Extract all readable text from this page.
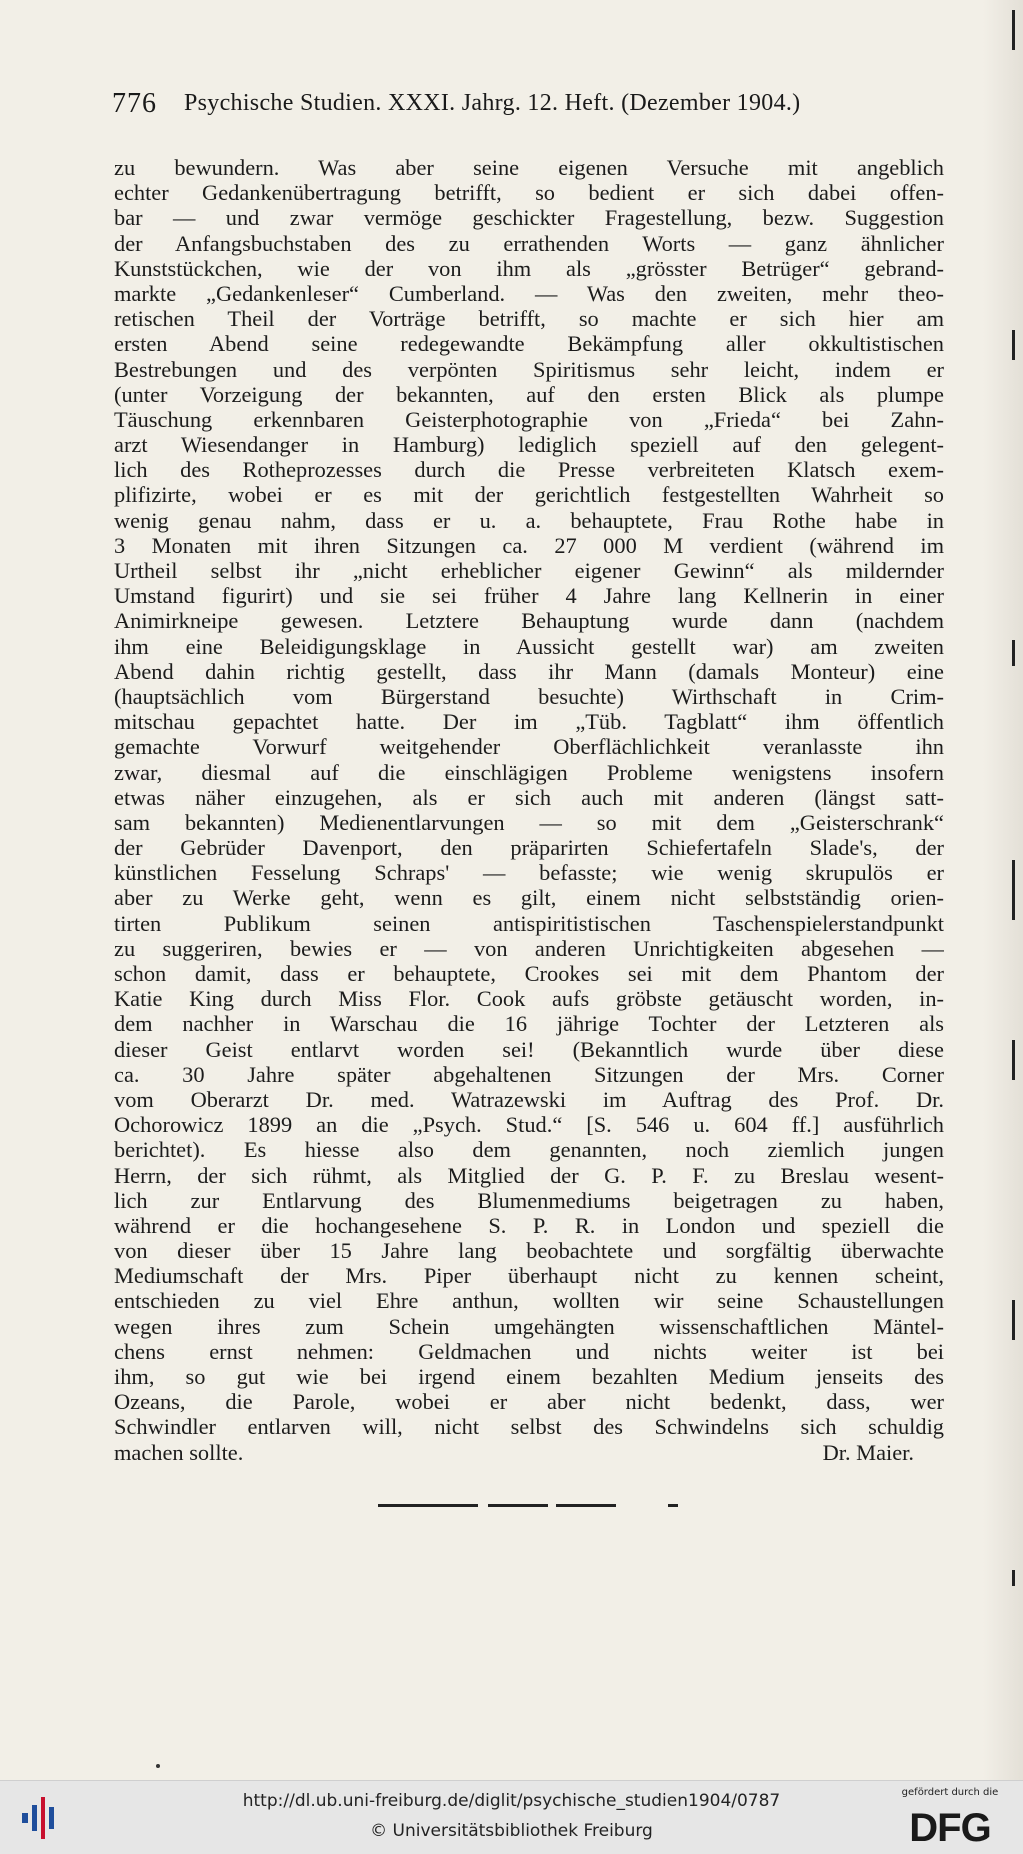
776 Psychische Studien. XXXI. Jahrg. 12. Heft. (Dezember 1904.)
zu bewundern. Was aber seine eigenen Versuche mit angeblich
echter Gedankenübertragung betrifft, so bedient er sich dabei offen-
bar — und zwar vermöge geschickter Fragestellung, bezw. Suggestion
der Anfangsbuchstaben des zu errathenden Worts — ganz ähnlicher
Kunststückchen, wie der von ihm als „grösster Betrüger“ gebrand-
markte „Gedankenleser“ Cumberland. — Was den zweiten, mehr theo-
retischen Theil der Vorträge betrifft, so machte er sich hier am
ersten Abend seine redegewandte Bekämpfung aller okkultistischen
Bestrebungen und des verpönten Spiritismus sehr leicht, indem er
(unter Vorzeigung der bekannten, auf den ersten Blick als plumpe
Täuschung erkennbaren Geisterphotographie von „Frieda“ bei Zahn-
arzt Wiesendanger in Hamburg) lediglich speziell auf den gelegent-
lich des Rotheprozesses durch die Presse verbreiteten Klatsch exem-
plifizirte, wobei er es mit der gerichtlich festgestellten Wahrheit so
wenig genau nahm, dass er u. a. behauptete, Frau Rothe habe in
3 Monaten mit ihren Sitzungen ca. 27 000 M verdient (während im
Urtheil selbst ihr „nicht erheblicher eigener Gewinn“ als mildernder
Umstand figurirt) und sie sei früher 4 Jahre lang Kellnerin in einer
Animirkneipe gewesen. Letztere Behauptung wurde dann (nachdem
ihm eine Beleidigungsklage in Aussicht gestellt war) am zweiten
Abend dahin richtig gestellt, dass ihr Mann (damals Monteur) eine
(hauptsächlich vom Bürgerstand besuchte) Wirthschaft in Crim-
mitschau gepachtet hatte. Der im „Tüb. Tagblatt“ ihm öffentlich
gemachte Vorwurf weitgehender Oberflächlichkeit veranlasste ihn
zwar, diesmal auf die einschlägigen Probleme wenigstens insofern
etwas näher einzugehen, als er sich auch mit anderen (längst satt-
sam bekannten) Medienentlarvungen — so mit dem „Geisterschrank“
der Gebrüder Davenport, den präparirten Schiefertafeln Slade's, der
künstlichen Fesselung Schraps' — befasste; wie wenig skrupulös er
aber zu Werke geht, wenn es gilt, einem nicht selbstständig orien-
tirten Publikum seinen antispiritistischen Taschenspielerstandpunkt
zu suggeriren, bewies er — von anderen Unrichtigkeiten abgesehen —
schon damit, dass er behauptete, Crookes sei mit dem Phantom der
Katie King durch Miss Flor. Cook aufs gröbste getäuscht worden, in-
dem nachher in Warschau die 16 jährige Tochter der Letzteren als
dieser Geist entlarvt worden sei! (Bekanntlich wurde über diese
ca. 30 Jahre später abgehaltenen Sitzungen der Mrs. Corner
vom Oberarzt Dr. med. Watrazewski im Auftrag des Prof. Dr.
Ochorowicz 1899 an die „Psych. Stud.“ [S. 546 u. 604 ff.] ausführlich
berichtet). Es hiesse also dem genannten, noch ziemlich jungen
Herrn, der sich rühmt, als Mitglied der G. P. F. zu Breslau wesent-
lich zur Entlarvung des Blumenmediums beigetragen zu haben,
während er die hochangesehene S. P. R. in London und speziell die
von dieser über 15 Jahre lang beobachtete und sorgfältig überwachte
Mediumschaft der Mrs. Piper überhaupt nicht zu kennen scheint,
entschieden zu viel Ehre anthun, wollten wir seine Schaustellungen
wegen ihres zum Schein umgehängten wissenschaftlichen Mäntel-
chens ernst nehmen: Geldmachen und nichts weiter ist bei
ihm, so gut wie bei irgend einem bezahlten Medium jenseits des
Ozeans, die Parole, wobei er aber nicht bedenkt, dass, wer
Schwindler entlarven will, nicht selbst des Schwindelns sich schuldig
machen sollte.	Dr. Maier.
http://dl.ub.uni-freiburg.de/diglit/psychische_studien1904/0787
© Universitätsbibliothek Freiburg
gefördert durch die
DFG
